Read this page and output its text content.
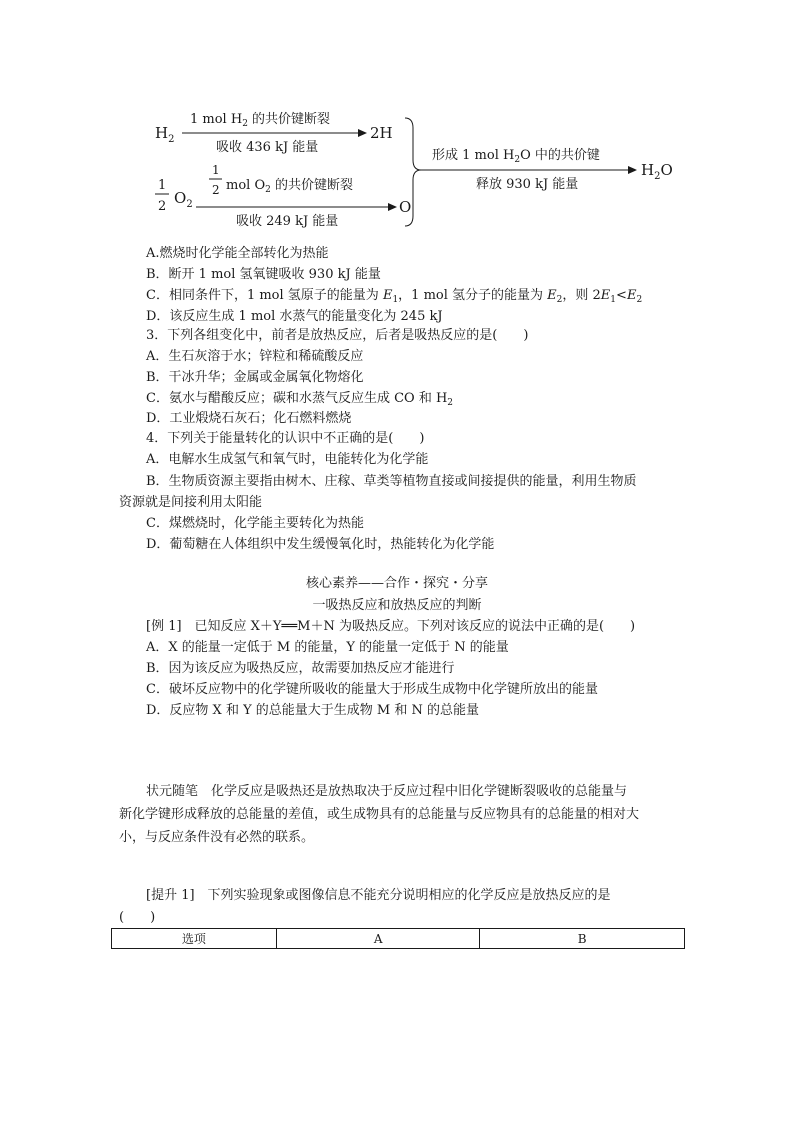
$H_2$
1 mol $H_2$ 的共价键断裂
吸收 436 kJ 能量
2H
1
2 $O_2$
1
2 mol $O_2$ 的共价键断裂
吸收 249 kJ 能量
O
形成 1 mol $H_2O$ 中的共价键
释放 930 kJ 能量
$H_2O$
A.燃烧时化学能全部转化为热能
B．断开 1 mol 氢氧键吸收 930 kJ 能量
C．相同条件下，1 mol 氢原子的能量为 $E_1$，1 mol 氢分子的能量为 $E_2$，则 $2E_1<E_2$
D．该反应生成 1 mol 水蒸气的能量变化为 245 kJ
3．下列各组变化中，前者是放热反应，后者是吸热反应的是(　　)
A．生石灰溶于水；锌粒和稀硫酸反应
B．干冰升华；金属或金属氧化物熔化
C．氨水与醋酸反应；碳和水蒸气反应生成 CO 和 $H_2$
D．工业煅烧石灰石；化石燃料燃烧
4．下列关于能量转化的认识中不正确的是(　　)
A．电解水生成氢气和氧气时，电能转化为化学能
B．生物质资源主要指由树木、庄稼、草类等植物直接或间接提供的能量，利用生物质
资源就是间接利用太阳能
C．煤燃烧时，化学能主要转化为热能
D．葡萄糖在人体组织中发生缓慢氧化时，热能转化为化学能
核心素养——合作・探究・分享
一吸热反应和放热反应的判断
[例 1]　已知反应 X＋Y══M＋N 为吸热反应。下列对该反应的说法中正确的是(　　)
A．X 的能量一定低于 M 的能量，Y 的能量一定低于 N 的能量
B．因为该反应为吸热反应，故需要加热反应才能进行
C．破坏反应物中的化学键所吸收的能量大于形成生成物中化学键所放出的能量
D．反应物 X 和 Y 的总能量大于生成物 M 和 N 的总能量
状元随笔　化学反应是吸热还是放热取决于反应过程中旧化学键断裂吸收的总能量与
新化学键形成释放的总能量的差值，或生成物具有的总能量与反应物具有的总能量的相对大
小，与反应条件没有必然的联系。
[提升 1]　下列实验现象或图像信息不能充分说明相应的化学反应是放热反应的是
(　　)
选项	A	B
